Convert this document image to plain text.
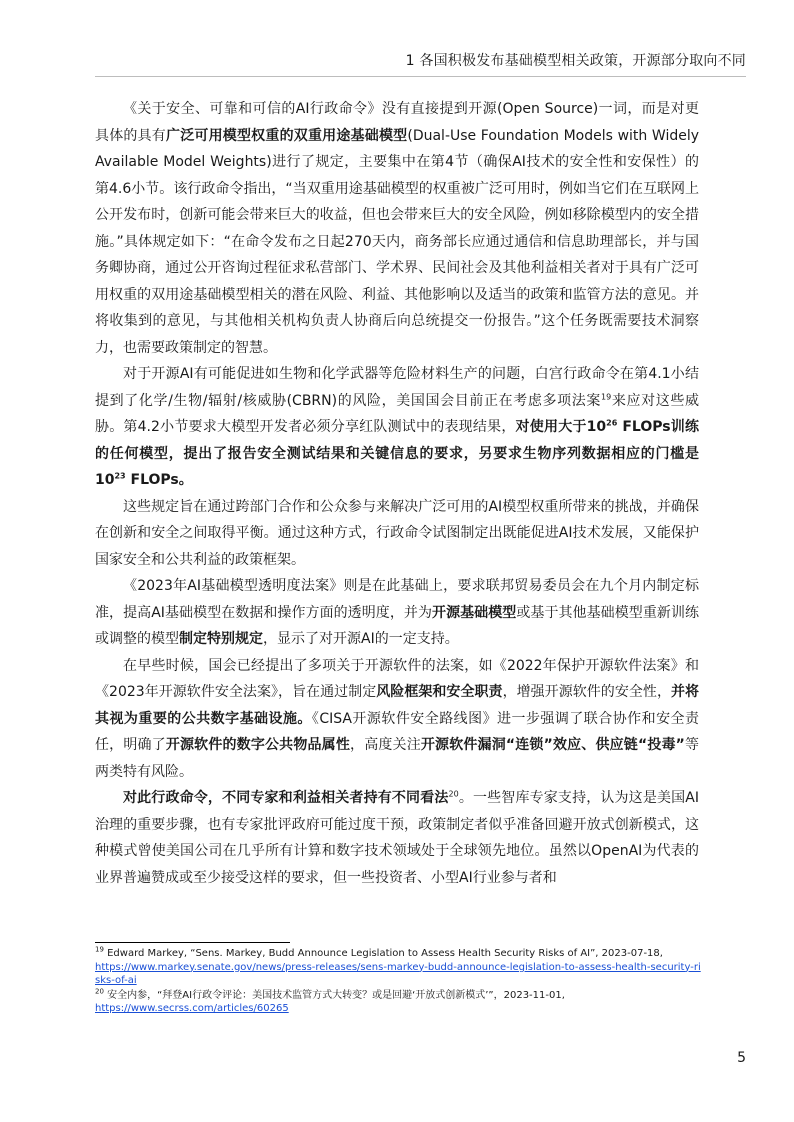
1 各国积极发布基础模型相关政策，开源部分取向不同

《关于安全、可靠和可信的AI行政命令》没有直接提到开源(Open Source)一词，而是对更具体的具有广泛可用模型权重的双重用途基础模型(Dual-Use Foundation Models with Widely Available Model Weights)进行了规定，主要集中在第4节（确保AI技术的安全性和安保性）的第4.6小节。该行政命令指出，“当双重用途基础模型的权重被广泛可用时，例如当它们在互联网上公开发布时，创新可能会带来巨大的收益，但也会带来巨大的安全风险，例如移除模型内的安全措施。”具体规定如下：“在命令发布之日起270天内，商务部长应通过通信和信息助理部长，并与国务卿协商，通过公开咨询过程征求私营部门、学术界、民间社会及其他利益相关者对于具有广泛可用权重的双用途基础模型相关的潜在风险、利益、其他影响以及适当的政策和监管方法的意见。并将收集到的意见，与其他相关机构负责人协商后向总统提交一份报告。”这个任务既需要技术洞察力，也需要政策制定的智慧。

对于开源AI有可能促进如生物和化学武器等危险材料生产的问题，白宫行政命令在第4.1小结提到了化学/生物/辐射/核威胁(CBRN)的风险，美国国会目前正在考虑多项法案$^{19}$来应对这些威胁。第4.2小节要求大模型开发者必须分享红队测试中的表现结果，对使用大于$10^{26}$ FLOPs训练的任何模型，提出了报告安全测试结果和关键信息的要求，另要求生物序列数据相应的门槛是$10^{23}$ FLOPs。

这些规定旨在通过跨部门合作和公众参与来解决广泛可用的AI模型权重所带来的挑战，并确保在创新和安全之间取得平衡。通过这种方式，行政命令试图制定出既能促进AI技术发展，又能保护国家安全和公共利益的政策框架。

《2023年AI基础模型透明度法案》则是在此基础上，要求联邦贸易委员会在九个月内制定标准，提高AI基础模型在数据和操作方面的透明度，并为开源基础模型或基于其他基础模型重新训练或调整的模型制定特别规定，显示了对开源AI的一定支持。

在早些时候，国会已经提出了多项关于开源软件的法案，如《2022年保护开源软件法案》和《2023年开源软件安全法案》，旨在通过制定风险框架和安全职责，增强开源软件的安全性，并将其视为重要的公共数字基础设施。《CISA开源软件安全路线图》进一步强调了联合协作和安全责任，明确了开源软件的数字公共物品属性，高度关注开源软件漏洞“连锁”效应、供应链“投毒”等两类特有风险。

对此行政命令，不同专家和利益相关者持有不同看法$^{20}$。一些智库专家支持，认为这是美国AI治理的重要步骤，也有专家批评政府可能过度干预，政策制定者似乎准备回避开放式创新模式，这种模式曾使美国公司在几乎所有计算和数字技术领域处于全球领先地位。虽然以OpenAI为代表的业界普遍赞成或至少接受这样的要求，但一些投资者、小型AI行业参与者和

$^{19}$ Edward Markey, “Sens. Markey, Budd Announce Legislation to Assess Health Security Risks of AI”, 2023-07-18,
https://www.markey.senate.gov/news/press-releases/sens-markey-budd-announce-legislation-to-assess-health-security-risks-of-ai
$^{20}$ 安全内参，“拜登AI行政令评论：美国技术监管方式大转变？或是回避‘开放式创新模式’”，2023-11-01,
https://www.secrss.com/articles/60265
5
